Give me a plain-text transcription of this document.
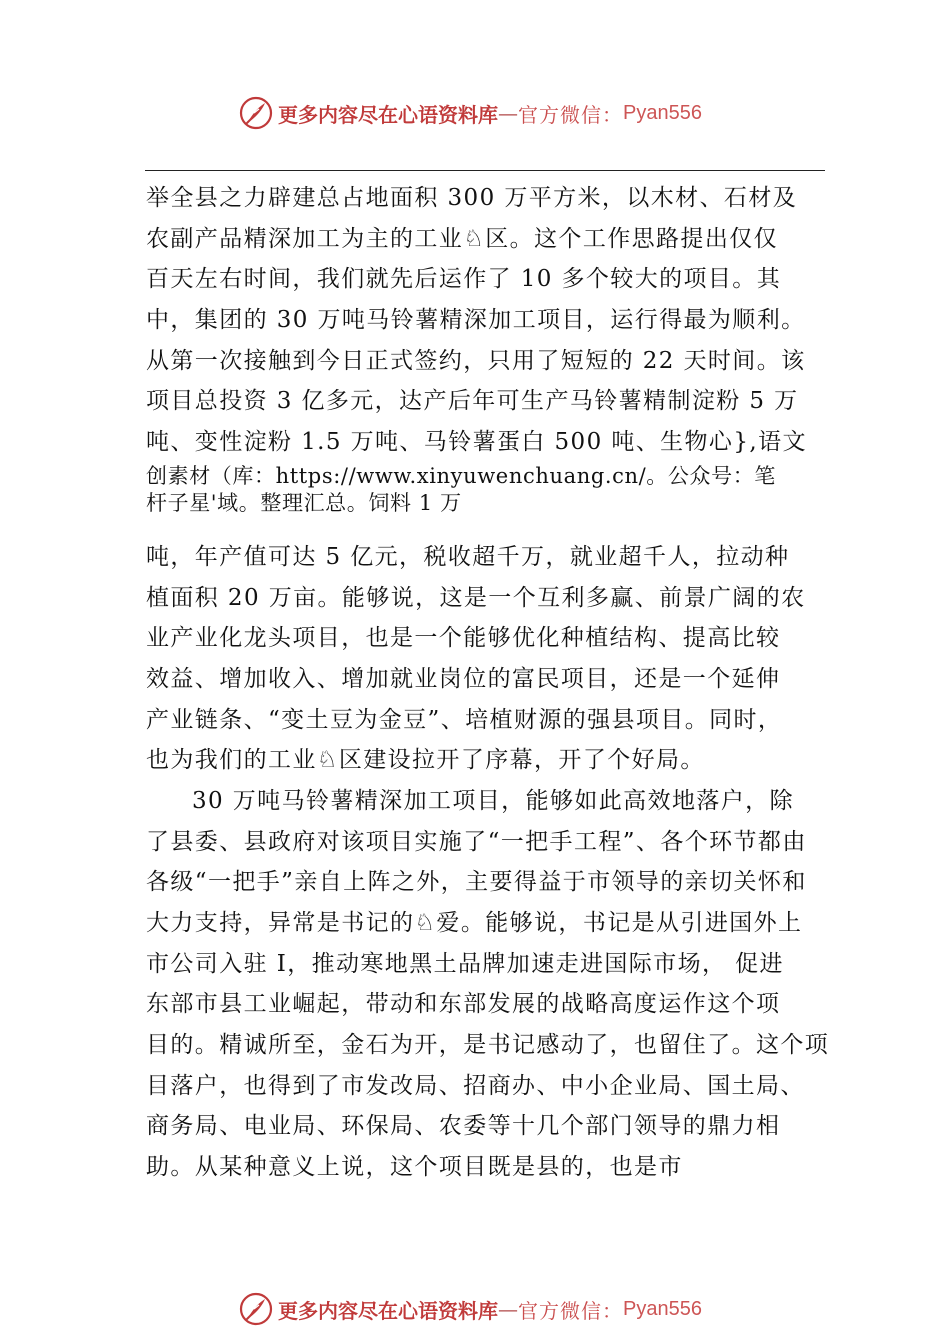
更多内容尽在心语资料库 — 官方微信： Pyan556
举全县之力辟建总占地面积 300 万平方米，以木材、石材及
农副产品精深加工为主的工业♘区。这个工作思路提出仅仅
百天左右时间，我们就先后运作了 10 多个较大的项目。其
中，集团的 30 万吨马铃薯精深加工项目，运行得最为顺利。
从第一次接触到今日正式签约，只用了短短的 22 天时间。该
项目总投资 3 亿多元，达产后年可生产马铃薯精制淀粉 5 万
吨、变性淀粉 1.5 万吨、马铃薯蛋白 500 吨、生物心},语文
创素材（库：https://www.xinyuwenchuang.cn/。公众号：笔
杆子星'域。整理汇总。饲料 1 万
吨，年产值可达 5 亿元，税收超千万，就业超千人，拉动种
植面积 20 万亩。能够说，这是一个互利多赢、前景广阔的农
业产业化龙头项目，也是一个能够优化种植结构、提高比较
效益、增加收入、增加就业岗位的富民项目，还是一个延伸
产业链条、“变土豆为金豆”、培植财源的强县项目。同时，
也为我们的工业♘区建设拉开了序幕，开了个好局。
30 万吨马铃薯精深加工项目，能够如此高效地落户，除
了县委、县政府对该项目实施了“一把手工程”、各个环节都由
各级“一把手”亲自上阵之外，主要得益于市领导的亲切关怀和
大力支持，异常是书记的♘爱。能够说，书记是从引进国外上
市公司入驻 I，推动寒地黑土品牌加速走进国际市场， 促进
东部市县工业崛起，带动和东部发展的战略高度运作这个项
目的。精诚所至，金石为开，是书记感动了，也留住了。这个项
目落户，也得到了市发改局、招商办、中小企业局、国土局、
商务局、电业局、环保局、农委等十几个部门领导的鼎力相
助。从某种意义上说，这个项目既是县的，也是市
更多内容尽在心语资料库 — 官方微信： Pyan556
